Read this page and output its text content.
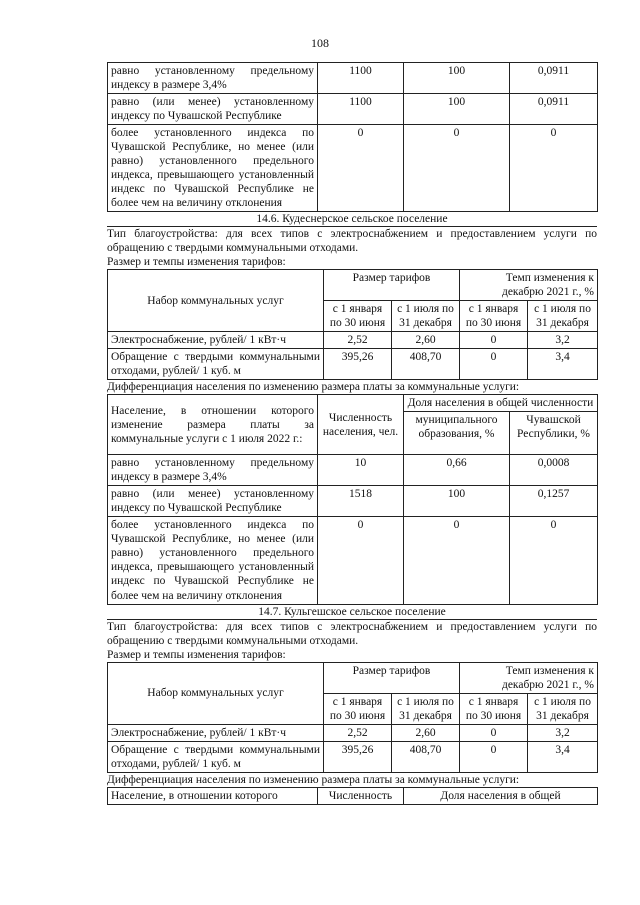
108
равно установленному предельному индексу в размере 3,4%	1100	100	0,0911
равно (или менее) установленному индексу по Чувашской Республике	1100	100	0,0911
более установленного индекса по Чувашской Республике, но менее (или равно) установленного предельного индекса, превышающего установленный индекс по Чувашской Республике не более чем на величину отклонения	0	0	0
14.6. Кудеснерское сельское поселение
Тип благоустройства: для всех типов с электроснабжением и предоставлением услуги по обращению с твердыми коммунальными отходами.
Размер и темпы изменения тарифов:
Набор коммунальных услуг	Размер тарифов		Темп изменения к декабрю 2021 г., %	
	с 1 января по 30 июня	с 1 июля по 31 декабря	с 1 января по 30 июня	с 1 июля по 31 декабря
Электроснабжение, рублей/ 1 кВт·ч	2,52	2,60	0	3,2
Обращение с твердыми коммунальными отходами, рублей/ 1 куб. м	395,26	408,70	0	3,4
Дифференциация населения по изменению размера платы за коммунальные услуги:
Население, в отношении которого изменение размера платы за коммунальные услуги с 1 июля 2022 г.:	Численность населения, чел.	Доля населения в общей численности	
		муниципального образования, %	Чувашской Республики, %
равно установленному предельному индексу в размере 3,4%	10	0,66	0,0008
равно (или менее) установленному индексу по Чувашской Республике	1518	100	0,1257
более установленного индекса по Чувашской Республике, но менее (или равно) установленного предельного индекса, превышающего установленный индекс по Чувашской Республике не более чем на величину отклонения	0	0	0
14.7. Кульгешское сельское поселение
Тип благоустройства: для всех типов с электроснабжением и предоставлением услуги по обращению с твердыми коммунальными отходами.
Размер и темпы изменения тарифов:
Набор коммунальных услуг	Размер тарифов		Темп изменения к декабрю 2021 г., %	
	с 1 января по 30 июня	с 1 июля по 31 декабря	с 1 января по 30 июня	с 1 июля по 31 декабря
Электроснабжение, рублей/ 1 кВт·ч	2,52	2,60	0	3,2
Обращение с твердыми коммунальными отходами, рублей/ 1 куб. м	395,26	408,70	0	3,4
Дифференциация населения по изменению размера платы за коммунальные услуги:
Население, в отношении которого	Численность	Доля населения в общей
